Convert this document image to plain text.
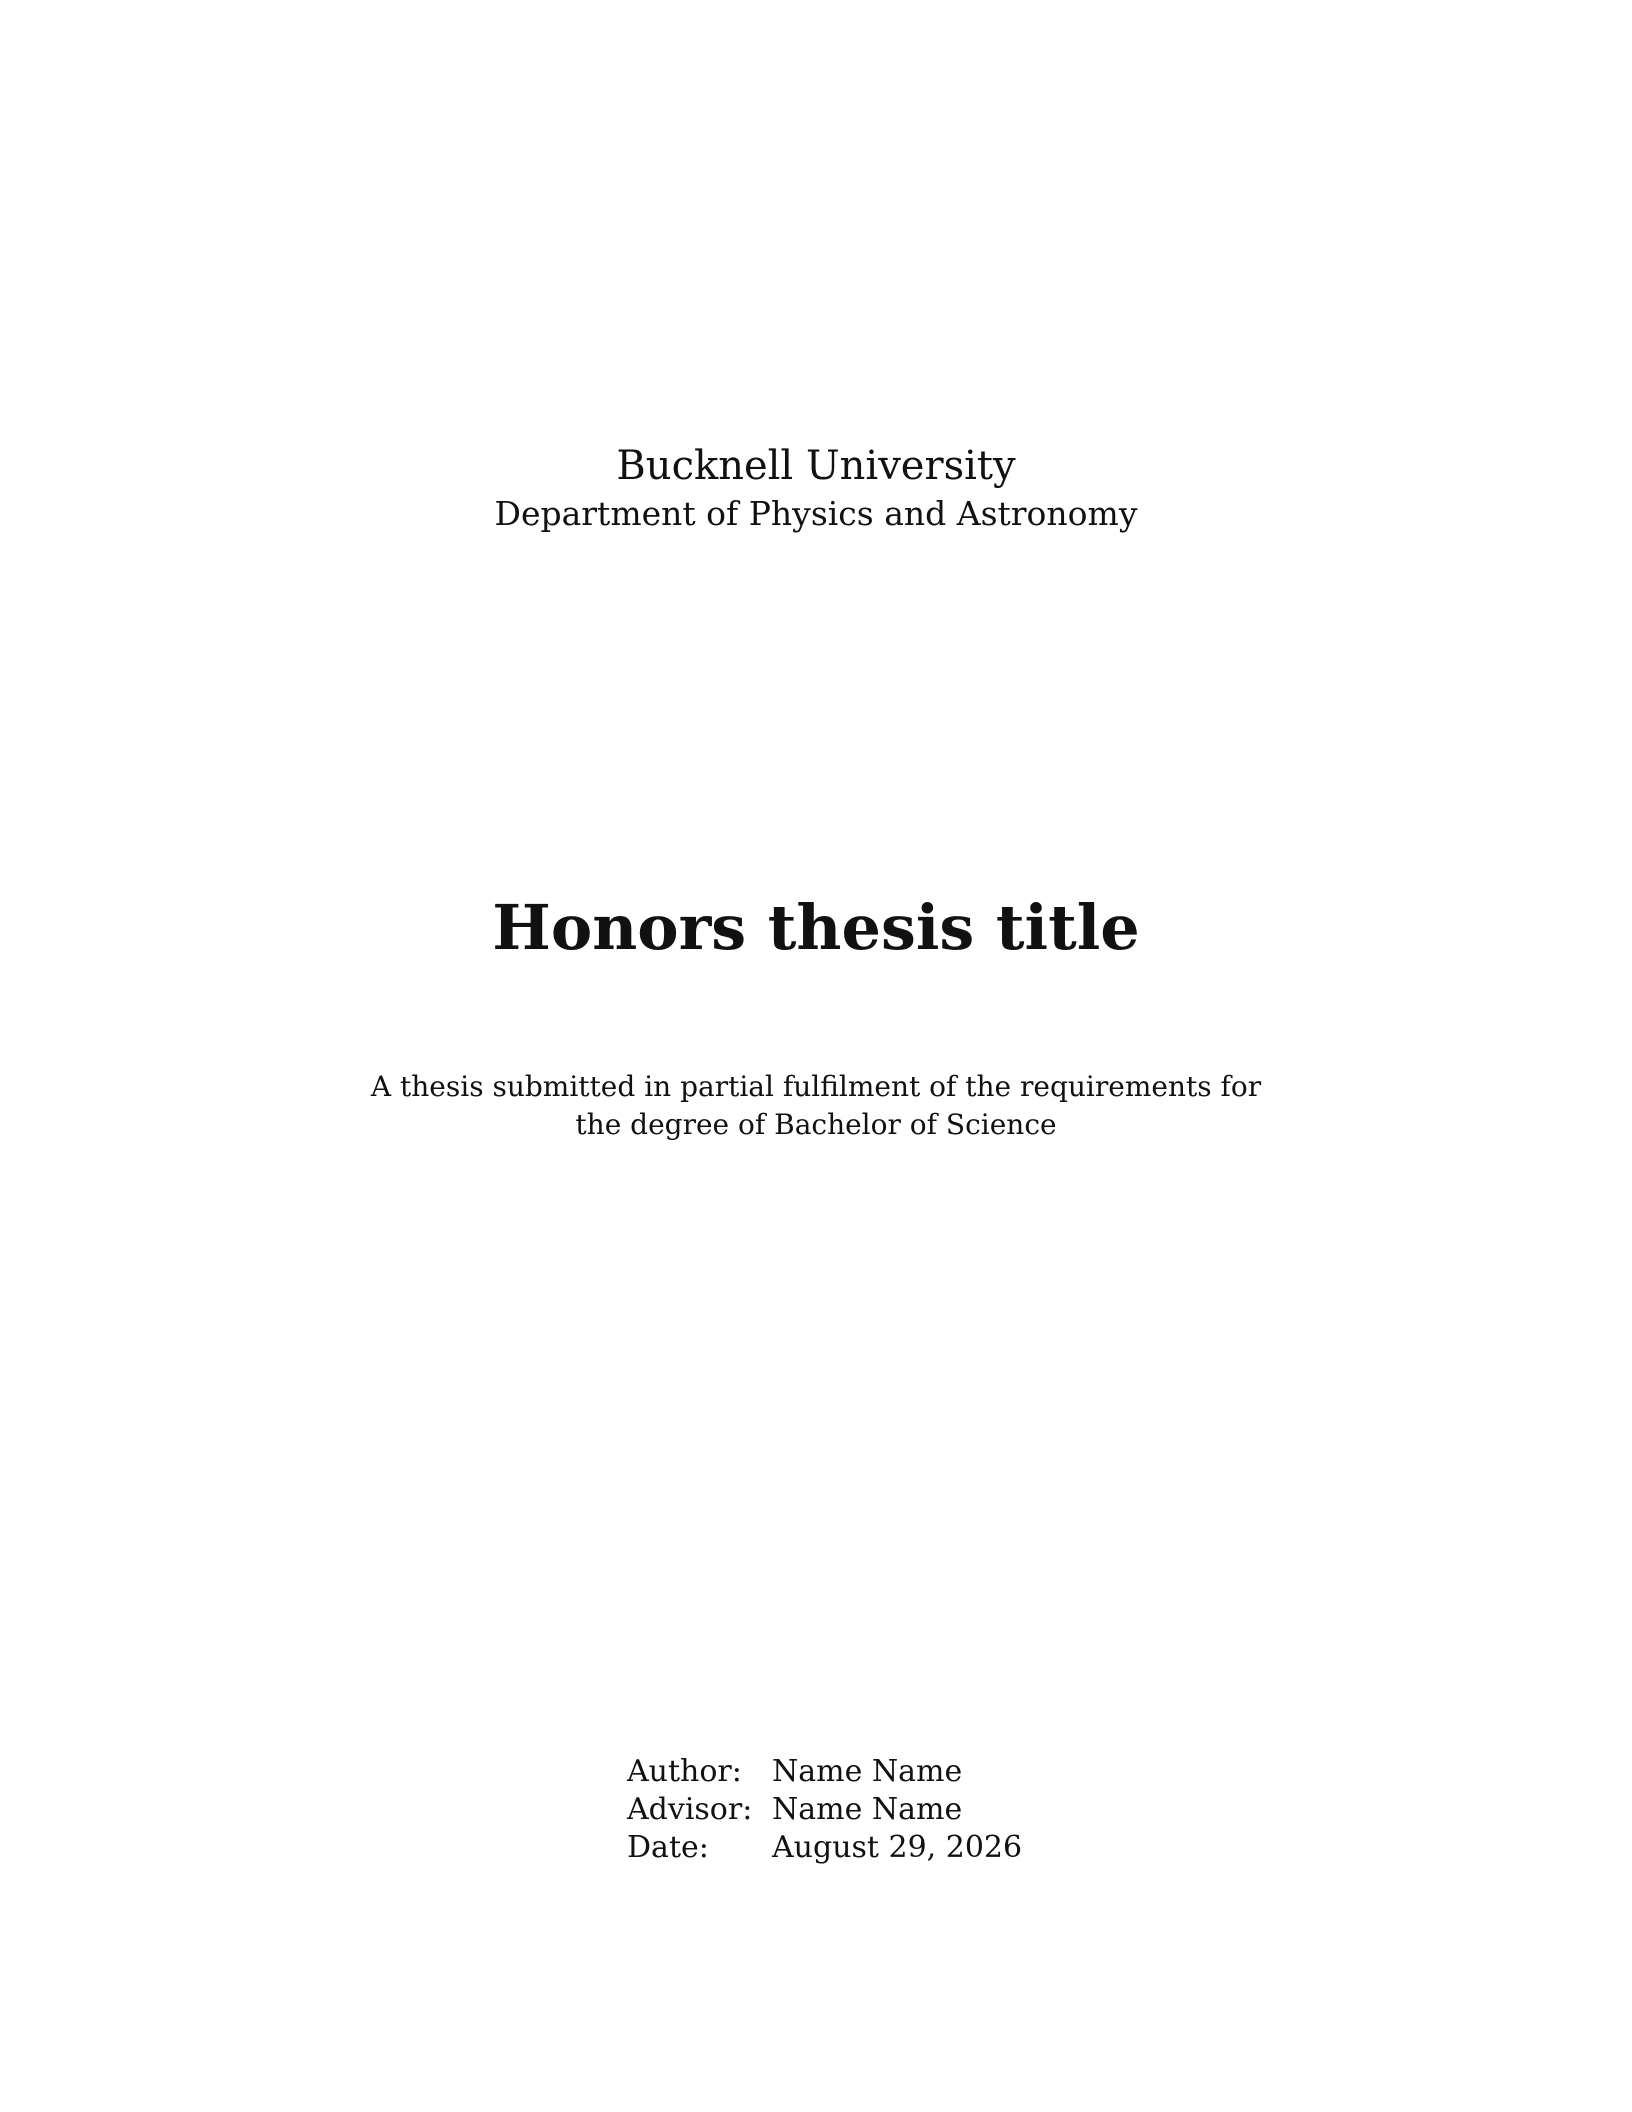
Bucknell University
Department of Physics and Astronomy
Honors thesis title
A thesis submitted in partial fulfilment of the requirements for
the degree of Bachelor of Science
Author:	Name Name
Advisor:	Name Name
Date:	August 29, 2026
